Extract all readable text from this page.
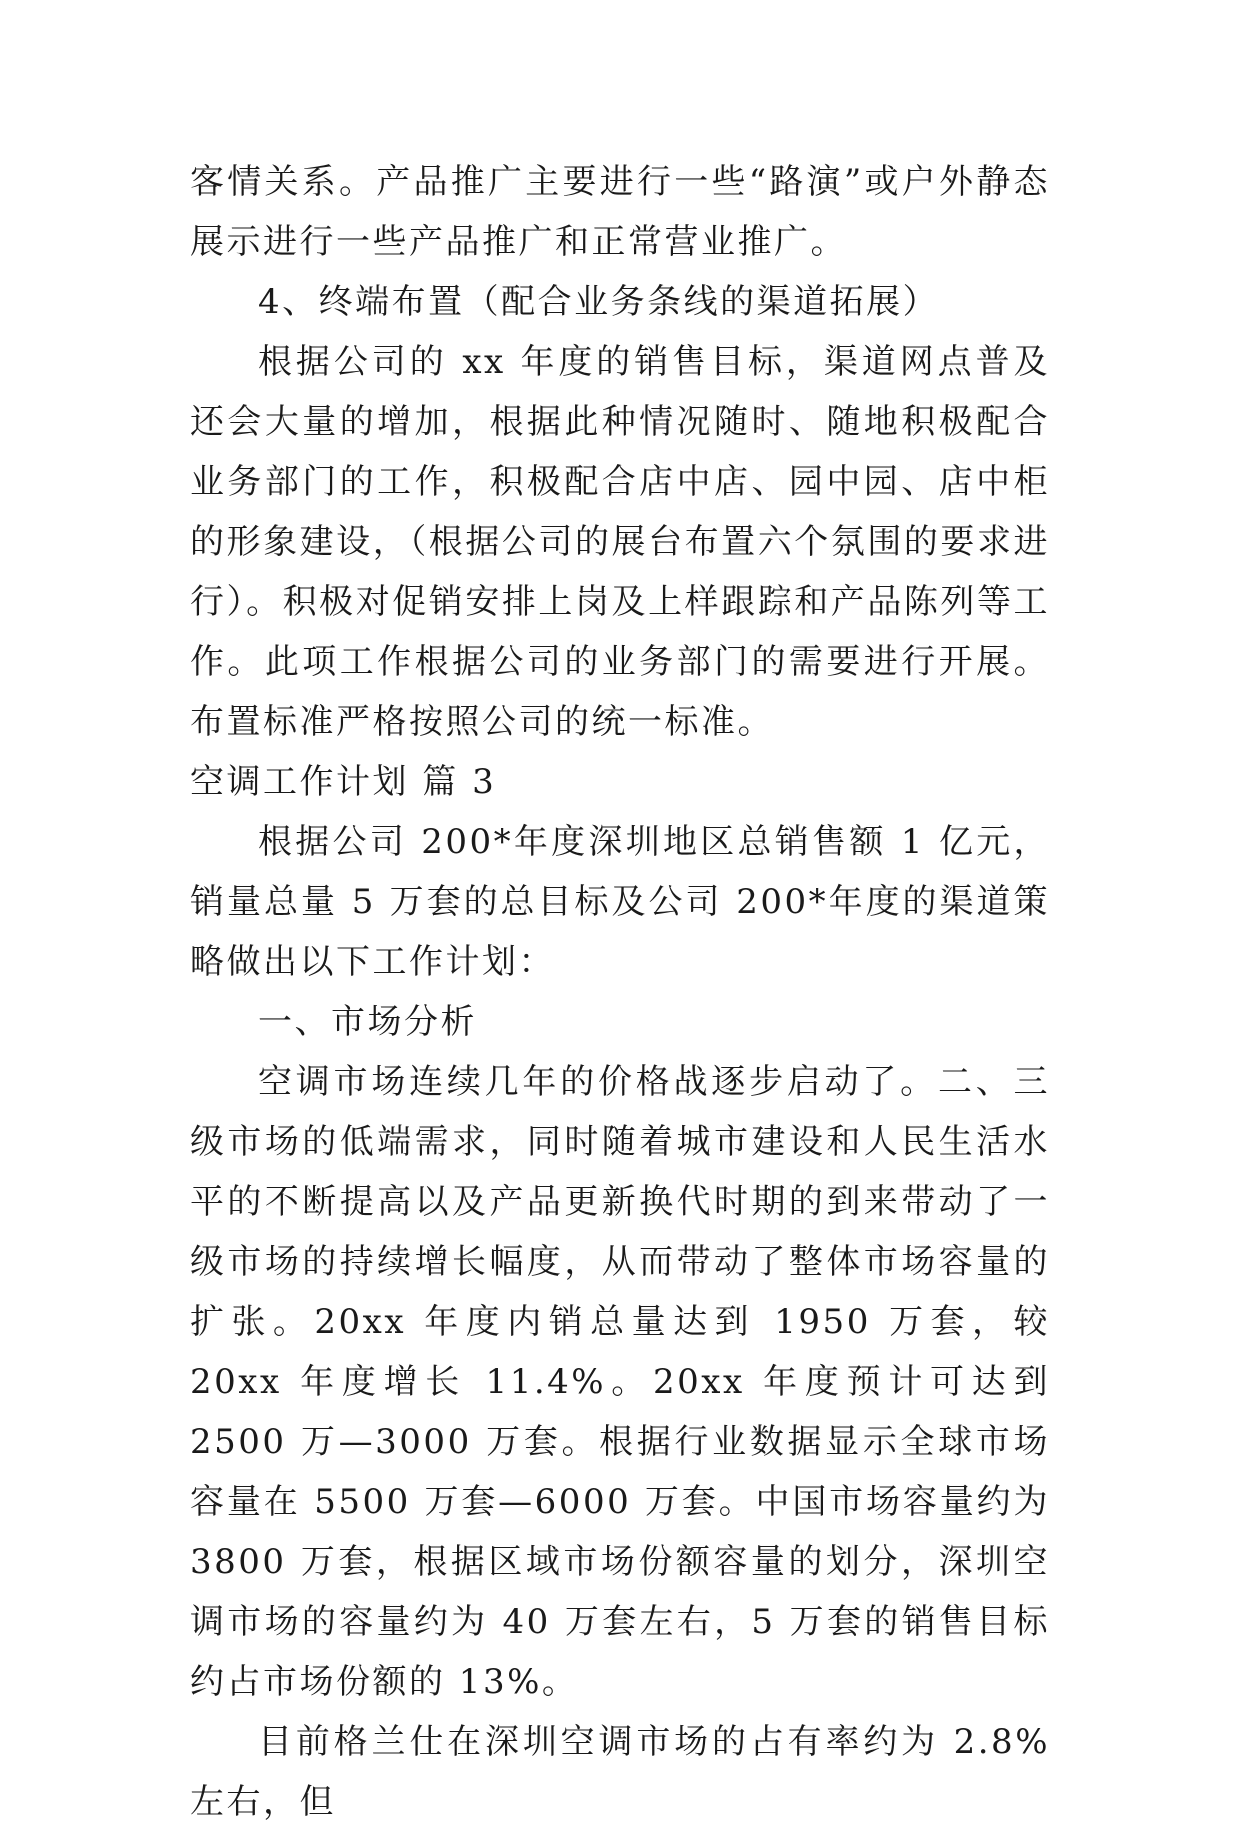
客情关系。产品推广主要进行一些“路演”或户外静态展示进行一些产品推广和正常营业推广。

4、终端布置（配合业务条线的渠道拓展）

根据公司的 xx 年度的销售目标，渠道网点普及还会大量的增加，根据此种情况随时、随地积极配合业务部门的工作，积极配合店中店、园中园、店中柜的形象建设，（根据公司的展台布置六个氛围的要求进行）。积极对促销安排上岗及上样跟踪和产品陈列等工作。此项工作根据公司的业务部门的需要进行开展。布置标准严格按照公司的统一标准。

空调工作计划 篇 3

根据公司 200*年度深圳地区总销售额 1 亿元，销量总量 5 万套的总目标及公司 200*年度的渠道策略做出以下工作计划：

一、市场分析

空调市场连续几年的价格战逐步启动了。二、三级市场的低端需求，同时随着城市建设和人民生活水平的不断提高以及产品更新换代时期的到来带动了一级市场的持续增长幅度，从而带动了整体市场容量的扩张。20xx 年度内销总量达到 1950 万套，较 20xx 年度增长 11.4%。20xx 年度预计可达到 2500 万—3000 万套。根据行业数据显示全球市场容量在 5500 万套—6000 万套。中国市场容量约为 3800 万套，根据区域市场份额容量的划分，深圳空调市场的容量约为 40 万套左右，5 万套的销售目标约占市场份额的 13%。

目前格兰仕在深圳空调市场的占有率约为 2.8%左右，但
